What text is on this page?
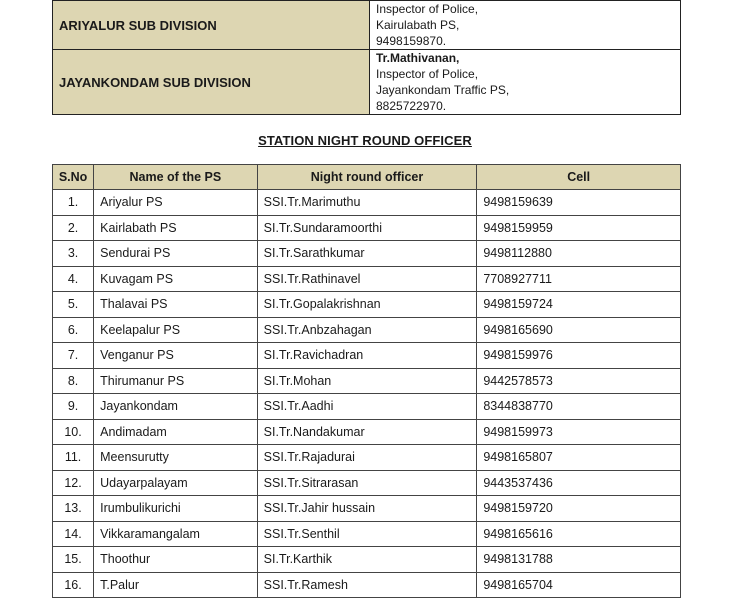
ARIYALUR SUB DIVISION	Inspector of Police,
Kairulabath PS,
9498159870.

JAYANKONDAM SUB DIVISION	Tr.Mathivanan,
Inspector of Police,
Jayankondam Traffic PS,
8825722970.
STATION NIGHT ROUND OFFICER
S.No	Name of the PS	Night round officer	Cell
1.	Ariyalur PS	SSI.Tr.Marimuthu	9498159639
2.	Kairlabath PS	SI.Tr.Sundaramoorthi	9498159959
3.	Sendurai PS	SI.Tr.Sarathkumar	9498112880
4.	Kuvagam PS	SSI.Tr.Rathinavel	7708927711
5.	Thalavai PS	SI.Tr.Gopalakrishnan	9498159724
6.	Keelapalur PS	SSI.Tr.Anbzahagan	9498165690
7.	Venganur PS	SI.Tr.Ravichadran	9498159976
8.	Thirumanur PS	SI.Tr.Mohan	9442578573
9.	Jayankondam	SSI.Tr.Aadhi	8344838770
10.	Andimadam	SI.Tr.Nandakumar	9498159973
11.	Meensurutty	SSI.Tr.Rajadurai	9498165807
12.	Udayarpalayam	SSI.Tr.Sitrarasan	9443537436
13.	Irumbulikurichi	SSI.Tr.Jahir hussain	9498159720
14.	Vikkaramangalam	SSI.Tr.Senthil	9498165616
15.	Thoothur	SI.Tr.Karthik	9498131788
16.	T.Palur	SSI.Tr.Ramesh	9498165704
